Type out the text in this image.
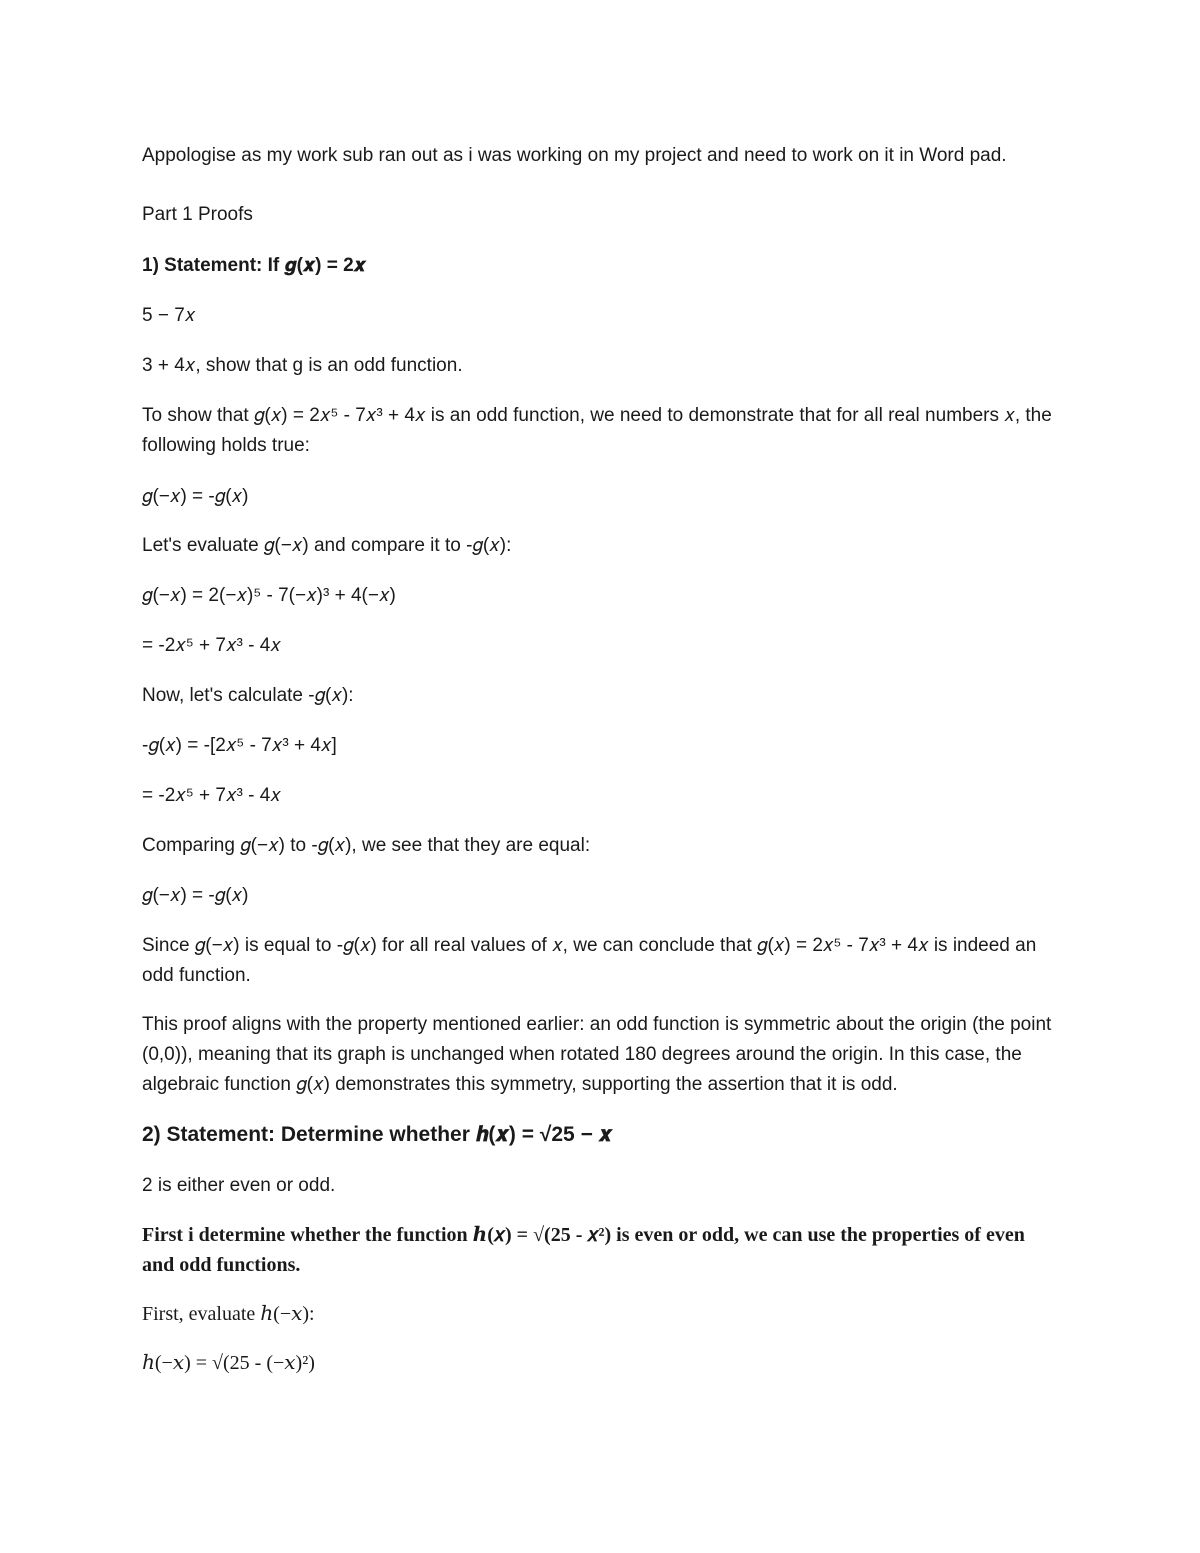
Appologise as my work sub ran out as i was working on my project and need to work on it in Word pad.
Part 1 Proofs
1) Statement: If 𝒈(𝒙) = 2𝒙
5 − 7𝑥
3 + 4𝑥, show that g is an odd function.
To show that 𝑔(𝑥) = 2𝑥⁵ - 7𝑥³ + 4𝑥 is an odd function, we need to demonstrate that for all real numbers 𝑥, the following holds true:
𝑔(−𝑥) = -𝑔(𝑥)
Let's evaluate 𝑔(−𝑥) and compare it to -𝑔(𝑥):
𝑔(−𝑥) = 2(−𝑥)⁵ - 7(−𝑥)³ + 4(−𝑥)
= -2𝑥⁵ + 7𝑥³ - 4𝑥
Now, let's calculate -𝑔(𝑥):
-𝑔(𝑥) = -[2𝑥⁵ - 7𝑥³ + 4𝑥]
= -2𝑥⁵ + 7𝑥³ - 4𝑥
Comparing 𝑔(−𝑥) to -𝑔(𝑥), we see that they are equal:
𝑔(−𝑥) = -𝑔(𝑥)
Since 𝑔(−𝑥) is equal to -𝑔(𝑥) for all real values of 𝑥, we can conclude that 𝑔(𝑥) = 2𝑥⁵ - 7𝑥³ + 4𝑥 is indeed an odd function.
This proof aligns with the property mentioned earlier: an odd function is symmetric about the origin (the point (0,0)), meaning that its graph is unchanged when rotated 180 degrees around the origin. In this case, the algebraic function 𝑔(𝑥) demonstrates this symmetry, supporting the assertion that it is odd.
2) Statement: Determine whether 𝒉(𝒙) = √25 − 𝒙
2 is either even or odd.
First i determine whether the function ℎ(𝑥) = √(25 - 𝑥²) is even or odd, we can use the properties of even and odd functions.
First, evaluate ℎ(−𝑥):
ℎ(−𝑥) = √(25 - (−𝑥)²)
